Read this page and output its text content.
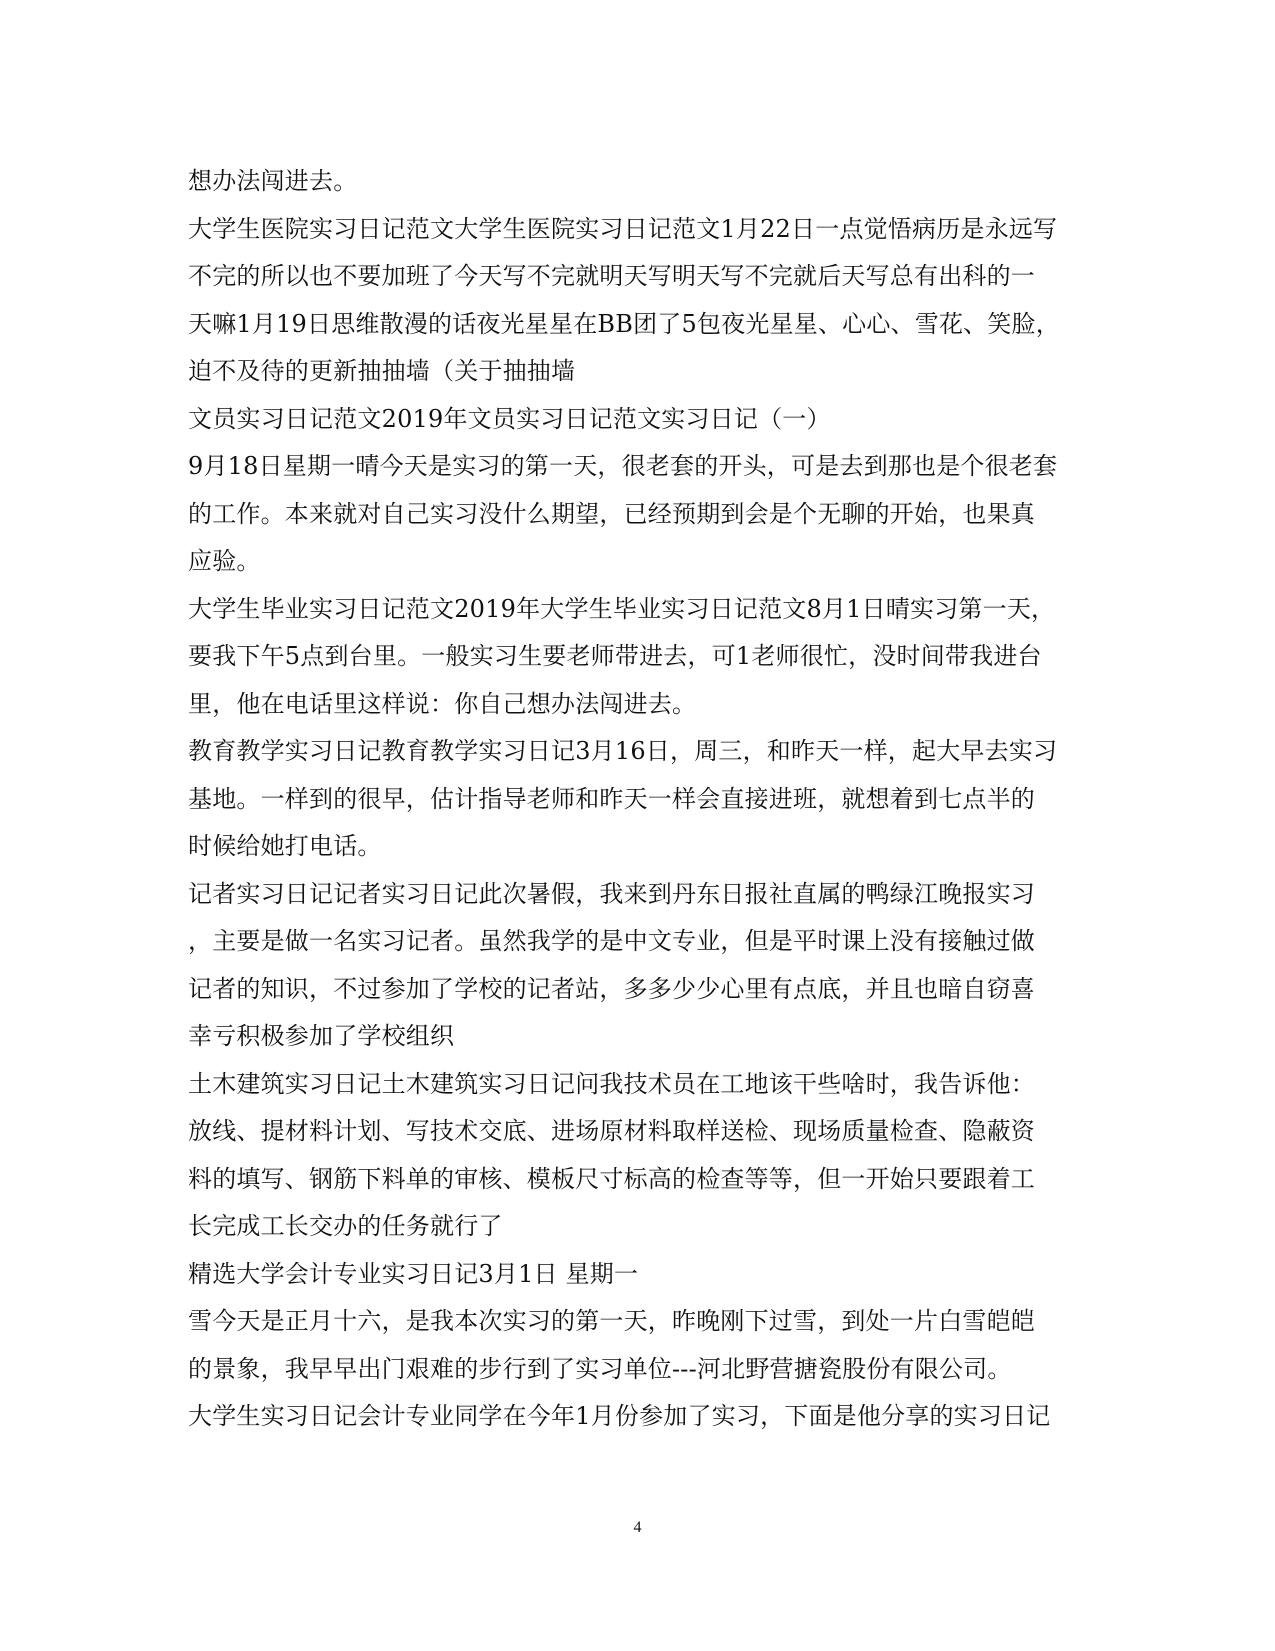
想办法闯进去。
大学生医院实习日记范文大学生医院实习日记范文1月22日一点觉悟病历是永远写
不完的所以也不要加班了今天写不完就明天写明天写不完就后天写总有出科的一
天嘛1月19日思维散漫的话夜光星星在BB团了5包夜光星星、心心、雪花、笑脸，
迫不及待的更新抽抽墙（关于抽抽墙
文员实习日记范文2019年文员实习日记范文实习日记（一）
9月18日星期一晴今天是实习的第一天，很老套的开头，可是去到那也是个很老套
的工作。本来就对自己实习没什么期望，已经预期到会是个无聊的开始，也果真
应验。
大学生毕业实习日记范文2019年大学生毕业实习日记范文8月1日晴实习第一天，
要我下午5点到台里。一般实习生要老师带进去，可1老师很忙，没时间带我进台
里，他在电话里这样说：你自己想办法闯进去。
教育教学实习日记教育教学实习日记3月16日，周三，和昨天一样，起大早去实习
基地。一样到的很早，估计指导老师和昨天一样会直接进班，就想着到七点半的
时候给她打电话。
记者实习日记记者实习日记此次暑假，我来到丹东日报社直属的鸭绿江晚报实习
，主要是做一名实习记者。虽然我学的是中文专业，但是平时课上没有接触过做
记者的知识，不过参加了学校的记者站，多多少少心里有点底，并且也暗自窃喜
幸亏积极参加了学校组织
土木建筑实习日记土木建筑实习日记问我技术员在工地该干些啥时，我告诉他：
放线、提材料计划、写技术交底、进场原材料取样送检、现场质量检查、隐蔽资
料的填写、钢筋下料单的审核、模板尺寸标高的检查等等，但一开始只要跟着工
长完成工长交办的任务就行了
精选大学会计专业实习日记3月1日 星期一
雪今天是正月十六，是我本次实习的第一天，昨晚刚下过雪，到处一片白雪皑皑
的景象，我早早出门艰难的步行到了实习单位---河北野营搪瓷股份有限公司。
大学生实习日记会计专业同学在今年1月份参加了实习，下面是他分享的实习日记
4
